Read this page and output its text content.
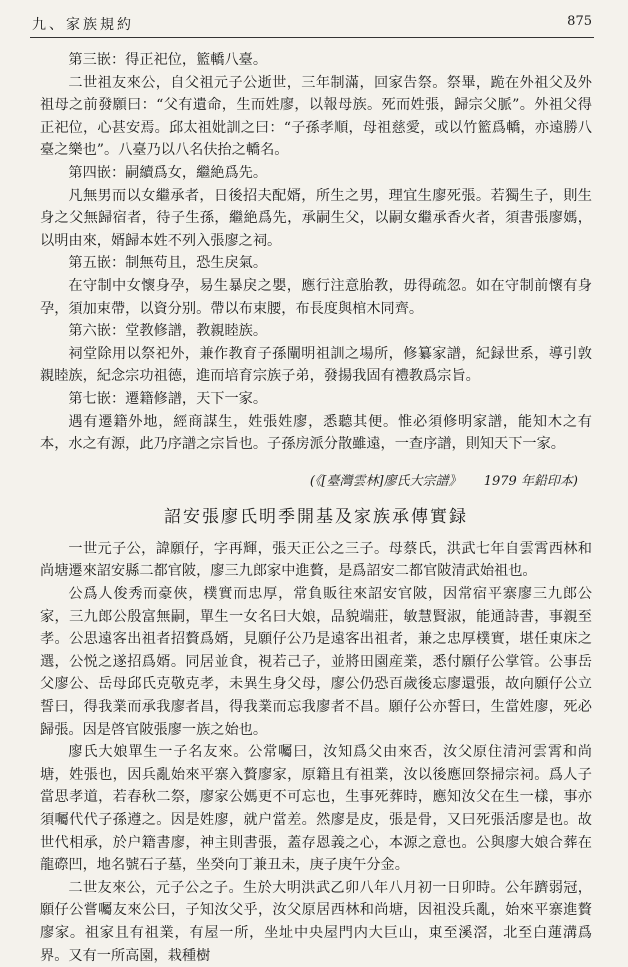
九、家族規約	875

第三嵌：得正祀位，籃轎八臺。

二世祖友來公，自父祖元子公逝世，三年制滿，回家告祭。祭畢，跪在外祖父及外祖母之前發願曰：“父有遺命，生而姓廖，以報母族。死而姓張，歸宗父脈”。外祖父得正祀位，心甚安焉。邱太祖妣訓之曰：“子孫孝順，母祖慈愛，或以竹籃爲轎，亦遠勝八臺之樂也”。八臺乃以八名伕抬之轎名。

第四嵌：嗣續爲女，繼絶爲先。

凡無男而以女繼承者，日後招夫配婿，所生之男，理宜生廖死張。若獨生子，則生身之父無歸宿者，待子生孫，繼絶爲先，承嗣生父，以嗣女繼承香火者，須書張廖媽，以明由來，婿歸本姓不列入張廖之祠。

第五嵌：制無苟且，恐生戾氣。

在守制中女懷身孕，易生暴戾之嬰，應行注意胎教，毋得疏忽。如在守制前懷有身孕，須加束帶，以資分别。帶以布束腰，布長度與棺木同齊。

第六嵌：堂教修譜，教親睦族。

祠堂除用以祭祀外，兼作教育子孫闡明祖訓之場所，修纂家譜，紀録世系，導引敦親睦族，紀念宗功祖德，進而培育宗族子弟，發揚我固有禮教爲宗旨。

第七嵌：遷籍修譜，天下一家。

遇有遷籍外地，經商謀生，姓張姓廖，悉聽其便。惟必須修明家譜，能知木之有本，水之有源，此乃序譜之宗旨也。子孫房派分散雖遠，一查序譜，則知天下一家。

(《[臺灣雲林]廖氏大宗譜》 1979 年鉛印本)
詔安張廖氏明季開基及家族承傳實録

一世元子公，諱願仔，字再輝，張天正公之三子。母蔡氏，洪武七年自雲霄西林和尚塘遷來詔安縣二都官陂，廖三九郎家中進贅，是爲詔安二都官陂清武始祖也。

公爲人俊秀而豪俠，樸實而忠厚，常負販往來詔安官陂，因常宿平寨廖三九郎公家，三九郎公殷富無嗣，單生一女名曰大娘，品貌端莊，敏慧賢淑，能通詩書，事親至孝。公思遠客出祖者招贅爲婿，見願仔公乃是遠客出祖者，兼之忠厚樸實，堪任東床之選，公悦之遂招爲婿。同居並食，視若己子，並將田園産業，悉付願仔公掌管。公事岳父廖公、岳母邱氏克敬克孝，未異生身父母，廖公仍恐百歲後忘廖還張，故向願仔公立誓曰，得我業而承我廖者昌，得我業而忘我廖者不昌。願仔公亦誓曰，生當姓廖，死必歸張。因是啓官陂張廖一族之始也。

廖氏大娘單生一子名友來。公常囑曰，汝知爲父由來否，汝父原住清河雲霄和尚塘，姓張也，因兵亂始來平寨入贅廖家，原籍且有祖業，汝以後應回祭掃宗祠。爲人子當思孝道，若春秋二祭，廖家公媽更不可忘也，生事死葬時，應知汝父在生一樣，事亦須囑代代子孫遵之。因是姓廖，就户當差。然廖是皮，張是骨，又曰死張活廖是也。故世代相承，於户籍書廖，神主則書張，蓋存恩義之心，本源之意也。公與廖大娘合葬在龍磜凹，地名號石子墓，坐癸向丁兼丑未，庚子庚午分金。

二世友來公，元子公之子。生於大明洪武乙卯八年八月初一日卯時。公年躋弱冠，願仔公嘗囑友來公曰，子知汝父乎，汝父原居西林和尚塘，因祖没兵亂，始來平寨進贅廖家。祖家且有祖業，有屋一所，坐址中央屋門内大巨山，東至溪滘，北至白蓮溝爲界。又有一所高園，栽種樹
